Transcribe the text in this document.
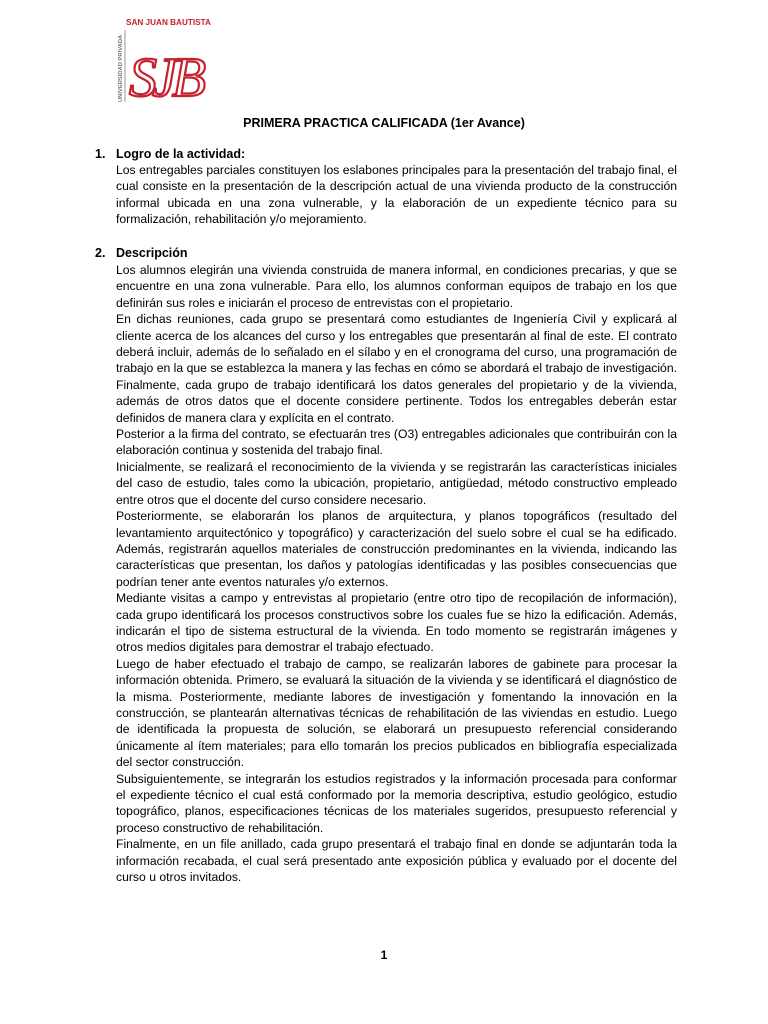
SAN JUAN BAUTISTA
UNIVERSIDAD PRIVADA SJB
PRIMERA PRACTICA CALIFICADA (1er Avance)
1. Logro de la actividad:

Los entregables parciales constituyen los eslabones principales para la presentación del trabajo final, el cual consiste en la presentación de la descripción actual de una vivienda producto de la construcción informal ubicada en una zona vulnerable, y la elaboración de un expediente técnico para su formalización, rehabilitación y/o mejoramiento.

2. Descripción

Los alumnos elegirán una vivienda construida de manera informal, en condiciones precarias, y que se encuentre en una zona vulnerable. Para ello, los alumnos conforman equipos de trabajo en los que definirán sus roles e iniciarán el proceso de entrevistas con el propietario.

En dichas reuniones, cada grupo se presentará como estudiantes de Ingeniería Civil y explicará al cliente acerca de los alcances del curso y los entregables que presentarán al final de este. El contrato deberá incluir, además de lo señalado en el sílabo y en el cronograma del curso, una programación de trabajo en la que se establezca la manera y las fechas en cómo se abordará el trabajo de investigación. Finalmente, cada grupo de trabajo identificará los datos generales del propietario y de la vivienda, además de otros datos que el docente considere pertinente. Todos los entregables deberán estar definidos de manera clara y explícita en el contrato.

Posterior a la firma del contrato, se efectuarán tres (O3) entregables adicionales que contribuirán con la elaboración continua y sostenida del trabajo final.

Inicialmente, se realizará el reconocimiento de la vivienda y se registrarán las características iniciales del caso de estudio, tales como la ubicación, propietario, antigüedad, método constructivo empleado entre otros que el docente del curso considere necesario.

Posteriormente, se elaborarán los planos de arquitectura, y planos topográficos (resultado del levantamiento arquitectónico y topográfico) y caracterización del suelo sobre el cual se ha edificado. Además, registrarán aquellos materiales de construcción predominantes en la vivienda, indicando las características que presentan, los daños y patologías identificadas y las posibles consecuencias que podrían tener ante eventos naturales y/o externos.

Mediante visitas a campo y entrevistas al propietario (entre otro tipo de recopilación de información), cada grupo identificará los procesos constructivos sobre los cuales fue se hizo la edificación. Además, indicarán el tipo de sistema estructural de la vivienda. En todo momento se registrarán imágenes y otros medios digitales para demostrar el trabajo efectuado.

Luego de haber efectuado el trabajo de campo, se realizarán labores de gabinete para procesar la información obtenida. Primero, se evaluará la situación de la vivienda y se identificará el diagnóstico de la misma. Posteriormente, mediante labores de investigación y fomentando la innovación en la construcción, se plantearán alternativas técnicas de rehabilitación de las viviendas en estudio. Luego de identificada la propuesta de solución, se elaborará un presupuesto referencial considerando únicamente al ítem materiales; para ello tomarán los precios publicados en bibliografía especializada del sector construcción.

Subsiguientemente, se integrarán los estudios registrados y la información procesada para conformar el expediente técnico el cual está conformado por la memoria descriptiva, estudio geológico, estudio topográfico, planos, especificaciones técnicas de los materiales sugeridos, presupuesto referencial y proceso constructivo de rehabilitación.

Finalmente, en un file anillado, cada grupo presentará el trabajo final en donde se adjuntarán toda la información recabada, el cual será presentado ante exposición pública y evaluado por el docente del curso u otros invitados.

1
